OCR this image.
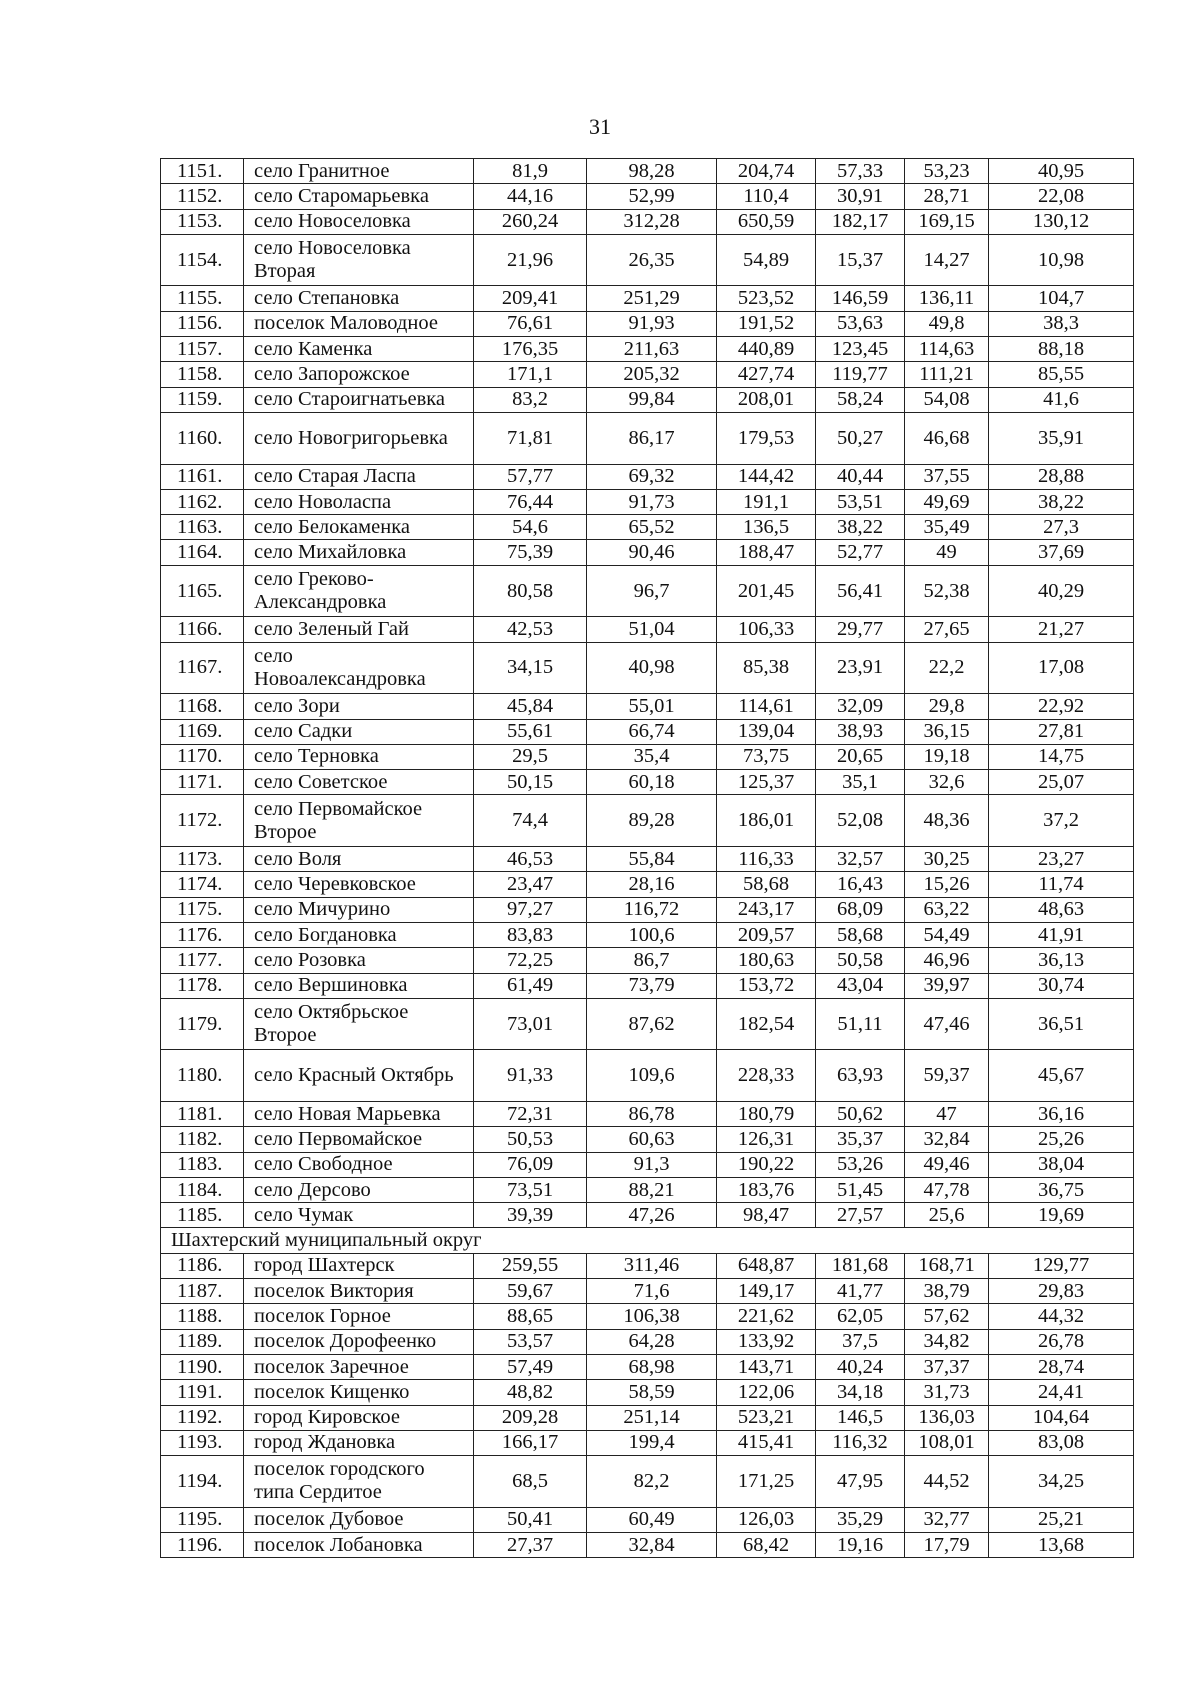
31
1151.	село Гранитное	81,9	98,28	204,74	57,33	53,23	40,95
1152.	село Старомарьевка	44,16	52,99	110,4	30,91	28,71	22,08
1153.	село Новоселовка	260,24	312,28	650,59	182,17	169,15	130,12
1154.	село Новоселовка Вторая	21,96	26,35	54,89	15,37	14,27	10,98
1155.	село Степановка	209,41	251,29	523,52	146,59	136,11	104,7
1156.	поселок Маловодное	76,61	91,93	191,52	53,63	49,8	38,3
1157.	село Каменка	176,35	211,63	440,89	123,45	114,63	88,18
1158.	село Запорожское	171,1	205,32	427,74	119,77	111,21	85,55
1159.	село Староигнатьевка	83,2	99,84	208,01	58,24	54,08	41,6
1160.	село Новогригорьевка	71,81	86,17	179,53	50,27	46,68	35,91
1161.	село Старая Ласпа	57,77	69,32	144,42	40,44	37,55	28,88
1162.	село Новоласпа	76,44	91,73	191,1	53,51	49,69	38,22
1163.	село Белокаменка	54,6	65,52	136,5	38,22	35,49	27,3
1164.	село Михайловка	75,39	90,46	188,47	52,77	49	37,69
1165.	село Греково-Александровка	80,58	96,7	201,45	56,41	52,38	40,29
1166.	село Зеленый Гай	42,53	51,04	106,33	29,77	27,65	21,27
1167.	село Новоалександровка	34,15	40,98	85,38	23,91	22,2	17,08
1168.	село Зори	45,84	55,01	114,61	32,09	29,8	22,92
1169.	село Садки	55,61	66,74	139,04	38,93	36,15	27,81
1170.	село Терновка	29,5	35,4	73,75	20,65	19,18	14,75
1171.	село Советское	50,15	60,18	125,37	35,1	32,6	25,07
1172.	село Первомайское Второе	74,4	89,28	186,01	52,08	48,36	37,2
1173.	село Воля	46,53	55,84	116,33	32,57	30,25	23,27
1174.	село Черевковское	23,47	28,16	58,68	16,43	15,26	11,74
1175.	село Мичурино	97,27	116,72	243,17	68,09	63,22	48,63
1176.	село Богдановка	83,83	100,6	209,57	58,68	54,49	41,91
1177.	село Розовка	72,25	86,7	180,63	50,58	46,96	36,13
1178.	село Вершиновка	61,49	73,79	153,72	43,04	39,97	30,74
1179.	село Октябрьское Второе	73,01	87,62	182,54	51,11	47,46	36,51
1180.	село Красный Октябрь	91,33	109,6	228,33	63,93	59,37	45,67
1181.	село Новая Марьевка	72,31	86,78	180,79	50,62	47	36,16
1182.	село Первомайское	50,53	60,63	126,31	35,37	32,84	25,26
1183.	село Свободное	76,09	91,3	190,22	53,26	49,46	38,04
1184.	село Дерсово	73,51	88,21	183,76	51,45	47,78	36,75
1185.	село Чумак	39,39	47,26	98,47	27,57	25,6	19,69
Шахтерский муниципальный округ							
1186.	город Шахтерск	259,55	311,46	648,87	181,68	168,71	129,77
1187.	поселок Виктория	59,67	71,6	149,17	41,77	38,79	29,83
1188.	поселок Горное	88,65	106,38	221,62	62,05	57,62	44,32
1189.	поселок Дорофеенко	53,57	64,28	133,92	37,5	34,82	26,78
1190.	поселок Заречное	57,49	68,98	143,71	40,24	37,37	28,74
1191.	поселок Кищенко	48,82	58,59	122,06	34,18	31,73	24,41
1192.	город Кировское	209,28	251,14	523,21	146,5	136,03	104,64
1193.	город Ждановка	166,17	199,4	415,41	116,32	108,01	83,08
1194.	поселок городского типа Сердитое	68,5	82,2	171,25	47,95	44,52	34,25
1195.	поселок Дубовое	50,41	60,49	126,03	35,29	32,77	25,21
1196.	поселок Лобановка	27,37	32,84	68,42	19,16	17,79	13,68
